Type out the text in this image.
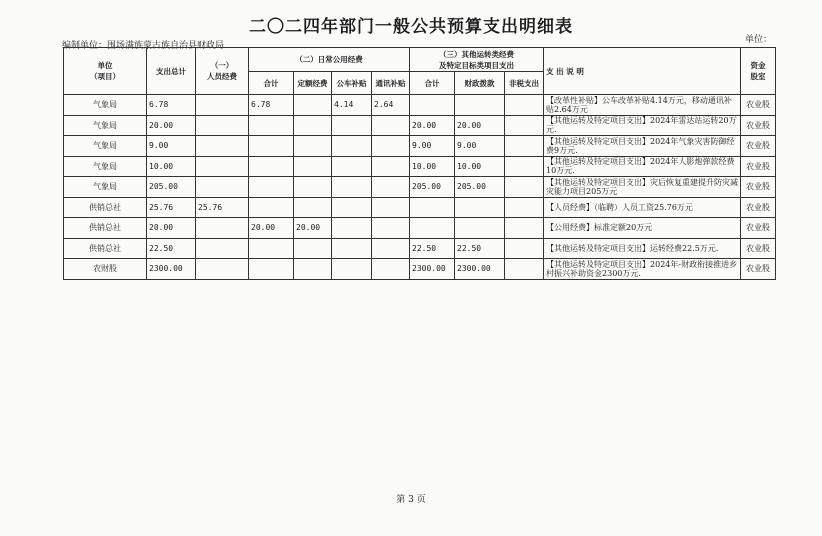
二〇二四年部门一般公共预算支出明细表
编制单位：围场满族蒙古族自治县财政局
单位：
单位
（项目）	支出总计	（一）
人员经费	（二）日常公用经费				（三）其他运转类经费
及特定目标类项目支出			支 出 说 明	资金
股室
			合计	定额经费	公车补贴	通讯补贴	合计	财政拨款	非税支出		
气象局	6.78		6.78		4.14	2.64				【改革性补贴】公车改革补贴4.14万元，移动通讯补贴2.64万元	农业股
气象局	20.00						20.00	20.00		【其他运转及特定项目支出】2024年雷达站运转20万元.	农业股
气象局	9.00						9.00	9.00		【其他运转及特定项目支出】2024年气象灾害防御经费9万元.	农业股
气象局	10.00						10.00	10.00		【其他运转及特定项目支出】2024年人影炮弹款经费10万元.	农业股
气象局	205.00						205.00	205.00		【其他运转及特定项目支出】灾后恢复重建提升防灾减灾能力项目205万元	农业股
供销总社	25.76	25.76								【人员经费】（临聘）人员工资25.76万元	农业股
供销总社	20.00		20.00	20.00						【公用经费】标准定额20万元	农业股
供销总社	22.50						22.50	22.50		【其他运转及特定项目支出】运转经费22.5万元.	农业股
农财股	2300.00						2300.00	2300.00		【其他运转及特定项目支出】2024年-财政衔接推进乡村振兴补助资金2300万元.	农业股
第 3 页
